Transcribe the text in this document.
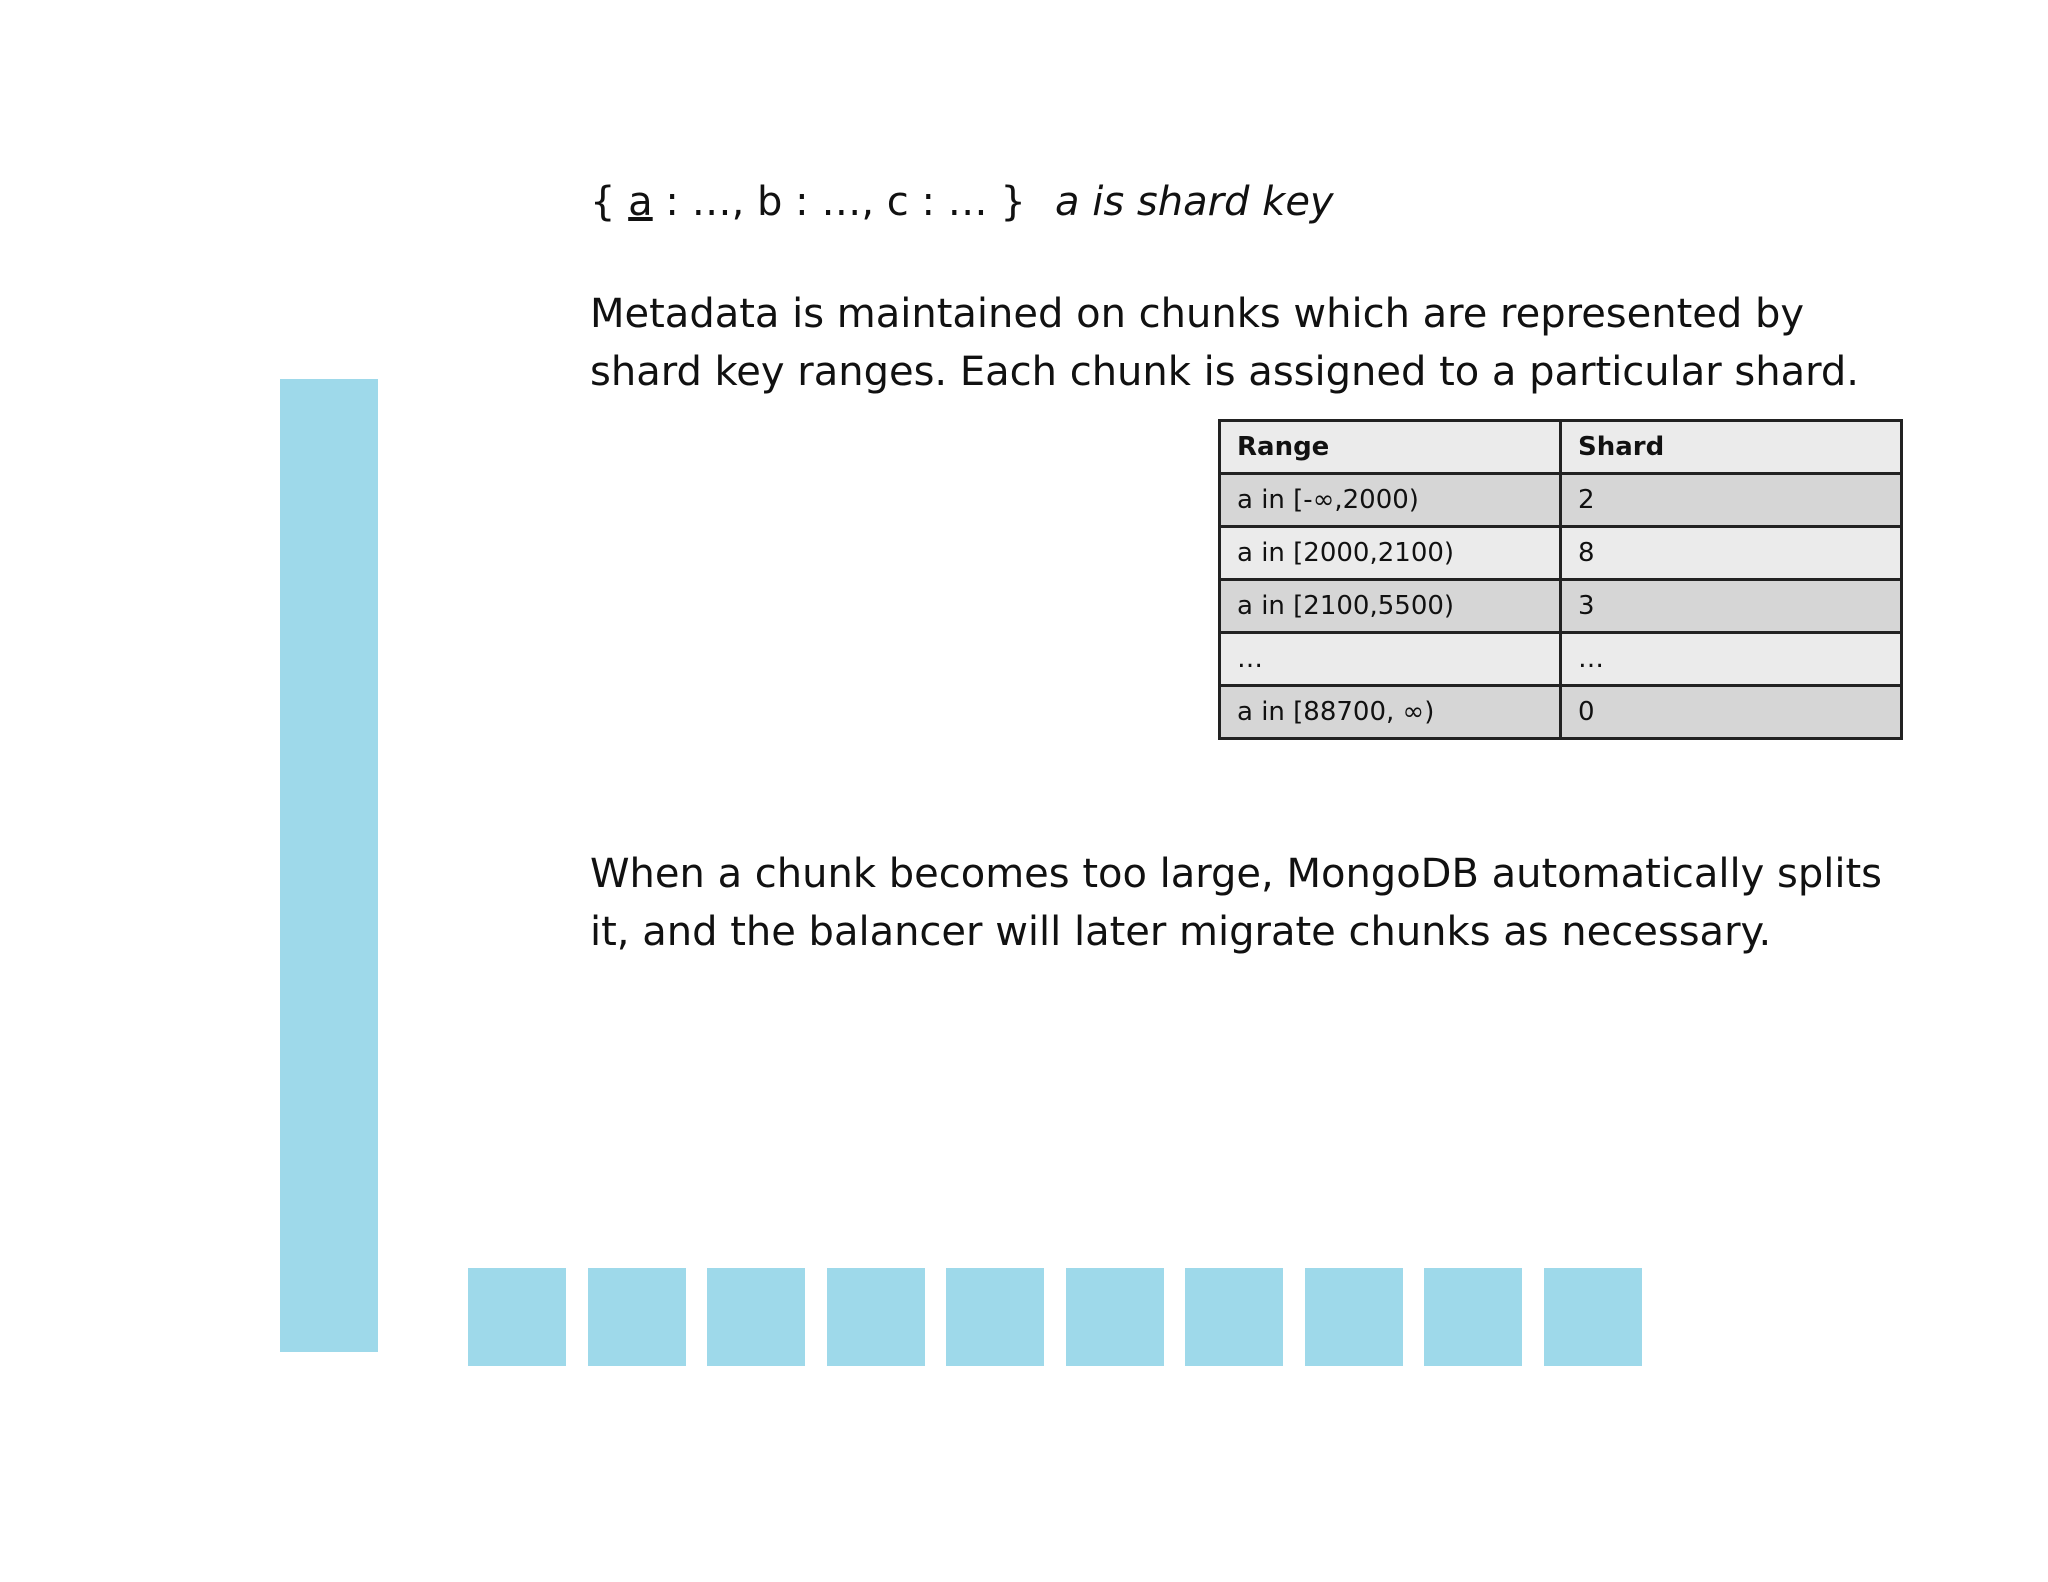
{ a : …, b : …, c : … } a is shard key

Metadata is maintained on chunks which are represented by shard key ranges. Each chunk is assigned to a particular shard.

Range	Shard
a in [-∞,2000)	2
a in [2000,2100)	8
a in [2100,5500)	3
…	…
a in [88700, ∞)	0

When a chunk becomes too large, MongoDB automatically splits it, and the balancer will later migrate chunks as necessary.
